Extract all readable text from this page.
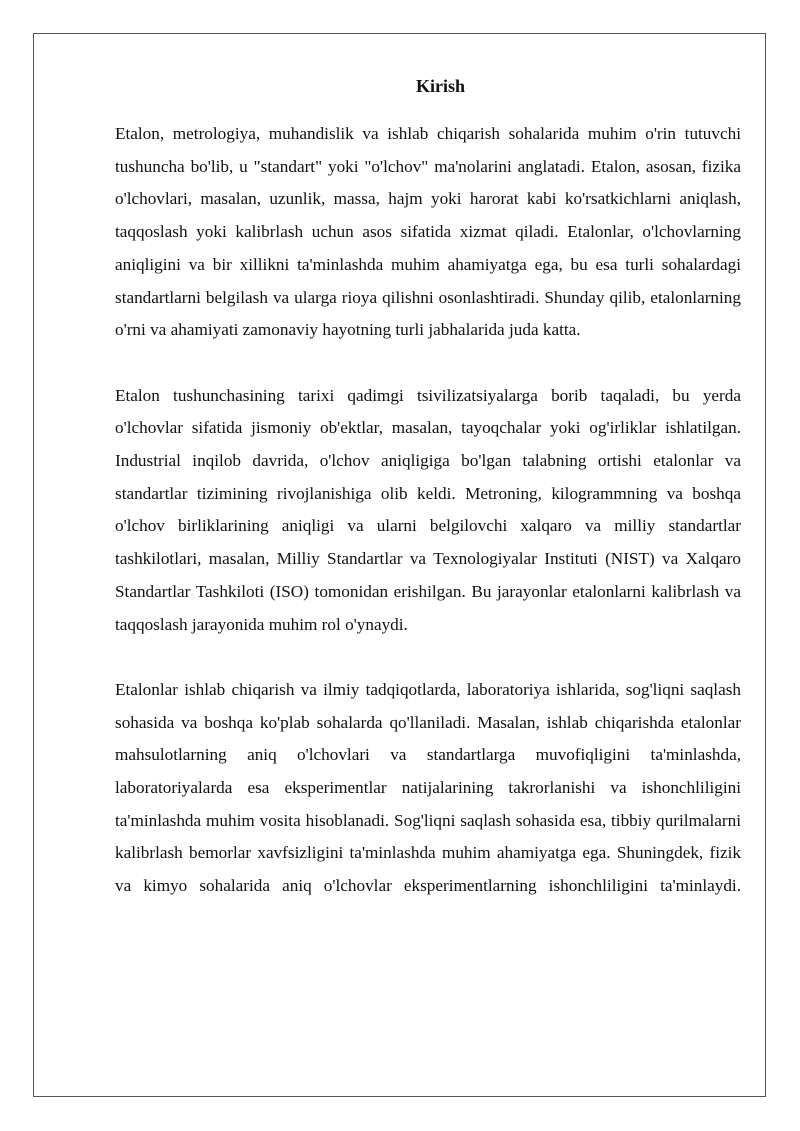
Kirish

Etalon, metrologiya, muhandislik va ishlab chiqarish sohalarida muhim o'rin tutuvchi tushuncha bo'lib, u "standart" yoki "o'lchov" ma'nolarini anglatadi. Etalon, asosan, fizika o'lchovlari, masalan, uzunlik, massa, hajm yoki harorat kabi ko'rsatkichlarni aniqlash, taqqoslash yoki kalibrlash uchun asos sifatida xizmat qiladi. Etalonlar, o'lchovlarning aniqligini va bir xillikni ta'minlashda muhim ahamiyatga ega, bu esa turli sohalardagi standartlarni belgilash va ularga rioya qilishni osonlashtiradi. Shunday qilib, etalonlarning o'rni va ahamiyati zamonaviy hayotning turli jabhalarida juda katta.

Etalon tushunchasining tarixi qadimgi tsivilizatsiyalarga borib taqaladi, bu yerda o'lchovlar sifatida jismoniy ob'ektlar, masalan, tayoqchalar yoki og'irliklar ishlatilgan. Industrial inqilob davrida, o'lchov aniqligiga bo'lgan talabning ortishi etalonlar va standartlar tizimining rivojlanishiga olib keldi. Metroning, kilogrammning va boshqa o'lchov birliklarining aniqligi va ularni belgilovchi xalqaro va milliy standartlar tashkilotlari, masalan, Milliy Standartlar va Texnologiyalar Instituti (NIST) va Xalqaro Standartlar Tashkiloti (ISO) tomonidan erishilgan. Bu jarayonlar etalonlarni kalibrlash va taqqoslash jarayonida muhim rol o'ynaydi.

Etalonlar ishlab chiqarish va ilmiy tadqiqotlarda, laboratoriya ishlarida, sog'liqni saqlash sohasida va boshqa ko'plab sohalarda qo'llaniladi. Masalan, ishlab chiqarishda etalonlar mahsulotlarning aniq o'lchovlari va standartlarga muvofiqligini ta'minlashda, laboratoriyalarda esa eksperimentlar natijalarining takrorlanishi va ishonchliligini ta'minlashda muhim vosita hisoblanadi. Sog'liqni saqlash sohasida esa, tibbiy qurilmalarni kalibrlash bemorlar xavfsizligini ta'minlashda muhim ahamiyatga ega. Shuningdek, fizik va kimyo sohalarida aniq o'lchovlar eksperimentlarning ishonchliligini ta'minlaydi.
